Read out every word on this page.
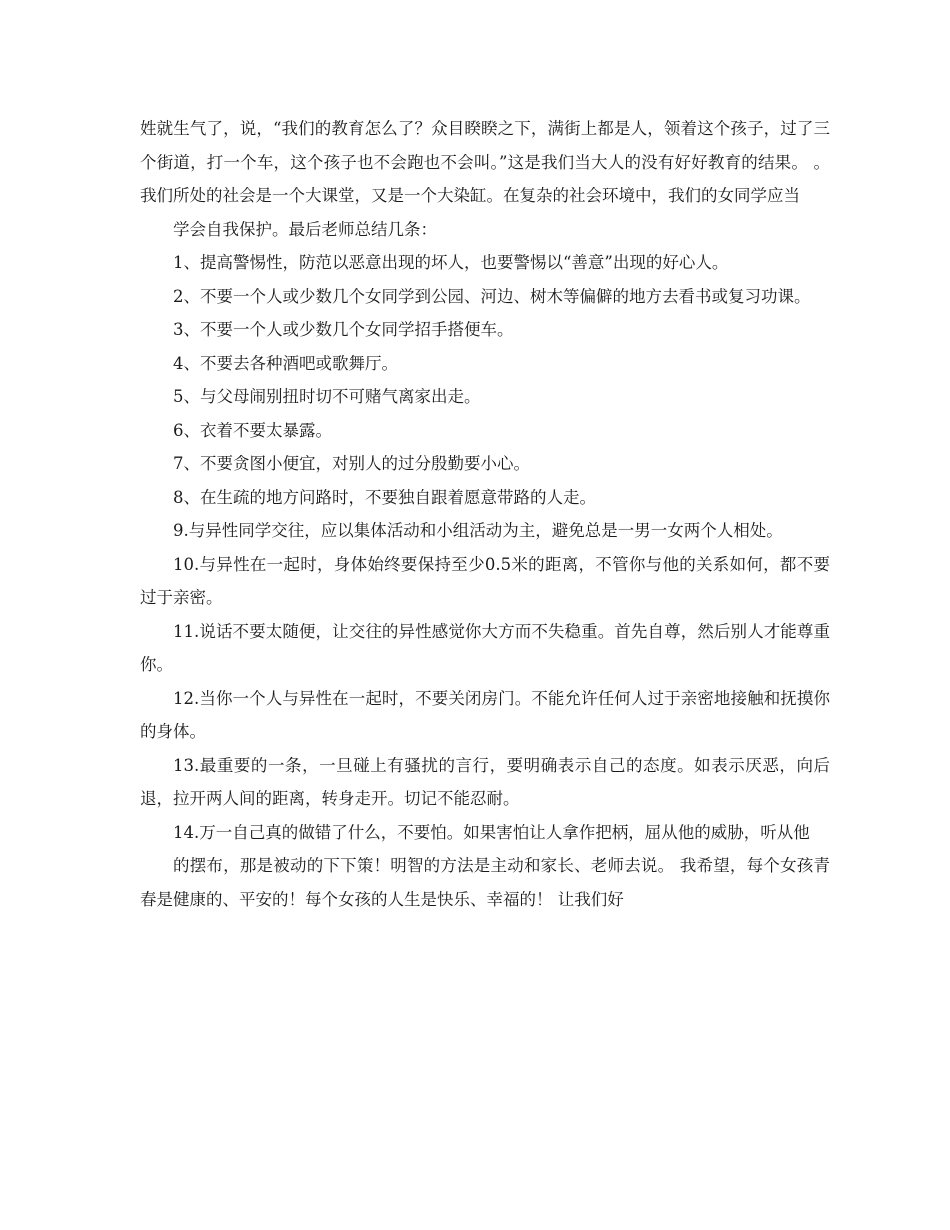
姓就生气了，说，“我们的教育怎么了？众目睽睽之下，满街上都是人，领着这个孩子，过了三个街道，打一个车，这个孩子也不会跑也不会叫。”这是我们当大人的没有好好教育的结果。 。我们所处的社会是一个大课堂，又是一个大染缸。在复杂的社会环境中，我们的女同学应当

学会自我保护。最后老师总结几条：

1、提高警惕性，防范以恶意出现的坏人，也要警惕以“善意”出现的好心人。

2、不要一个人或少数几个女同学到公园、河边、树木等偏僻的地方去看书或复习功课。

3、不要一个人或少数几个女同学招手搭便车。

4、不要去各种酒吧或歌舞厅。

5、与父母闹别扭时切不可赌气离家出走。

6、衣着不要太暴露。

7、不要贪图小便宜，对别人的过分殷勤要小心。

8、在生疏的地方问路时，不要独自跟着愿意带路的人走。

9.与异性同学交往，应以集体活动和小组活动为主，避免总是一男一女两个人相处。

10.与异性在一起时，身体始终要保持至少0.5米的距离，不管你与他的关系如何，都不要过于亲密。

11.说话不要太随便，让交往的异性感觉你大方而不失稳重。首先自尊，然后别人才能尊重你。

12.当你一个人与异性在一起时，不要关闭房门。不能允许任何人过于亲密地接触和抚摸你的身体。

13.最重要的一条，一旦碰上有骚扰的言行，要明确表示自己的态度。如表示厌恶，向后退，拉开两人间的距离，转身走开。切记不能忍耐。

14.万一自己真的做错了什么，不要怕。如果害怕让人拿作把柄，屈从他的威胁，听从他

的摆布，那是被动的下下策！明智的方法是主动和家长、老师去说。 我希望，每个女孩青春是健康的、平安的！每个女孩的人生是快乐、幸福的！ 让我们好
